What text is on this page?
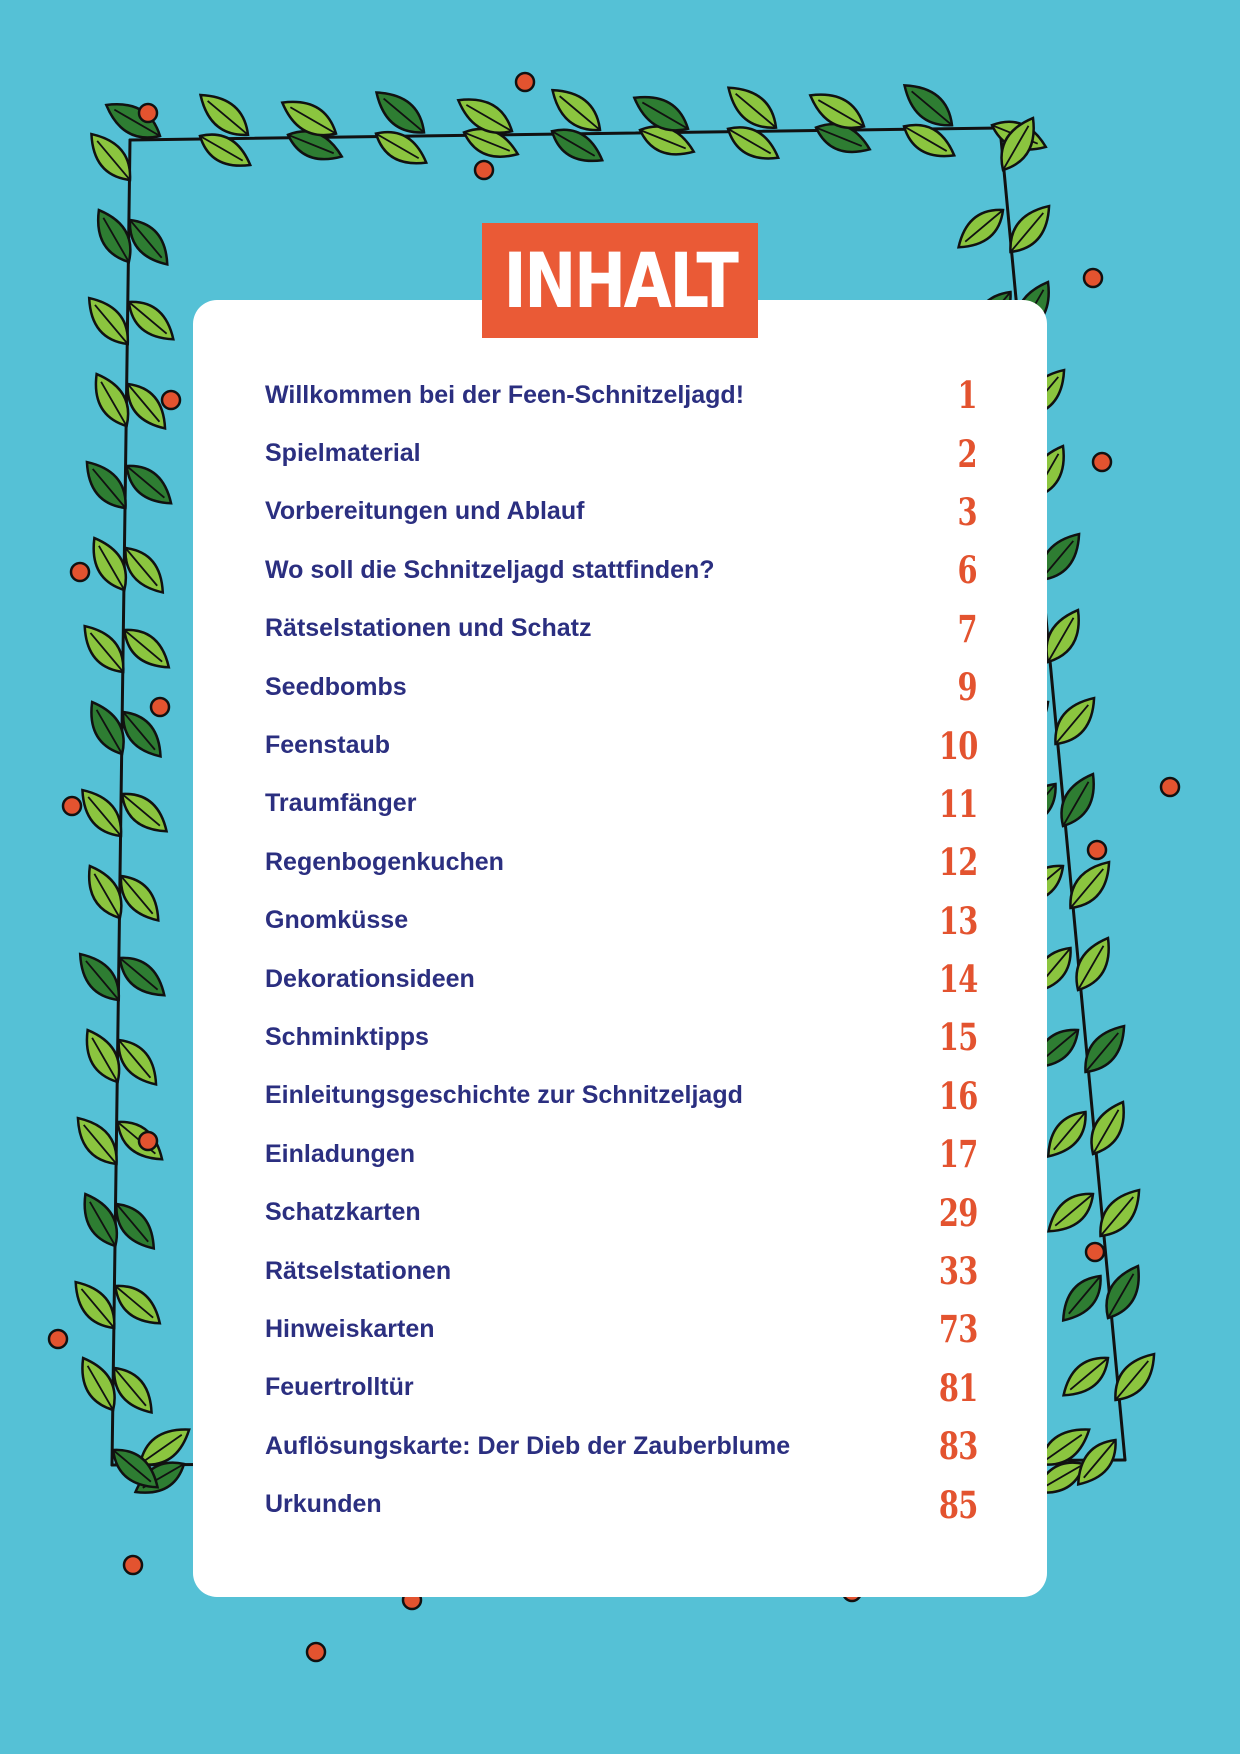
INHALT
Willkommen bei der Feen-Schnitzeljagd!	1
Spielmaterial	2
Vorbereitungen und Ablauf	3
Wo soll die Schnitzeljagd stattfinden?	6
Rätselstationen und Schatz	7
Seedbombs	9
Feenstaub	10
Traumfänger	11
Regenbogenkuchen	12
Gnomküsse	13
Dekorationsideen	14
Schminktipps	15
Einleitungsgeschichte zur Schnitzeljagd	16
Einladungen	17
Schatzkarten	29
Rätselstationen	33
Hinweiskarten	73
Feuertrolltür	81
Auflösungskarte: Der Dieb der Zauberblume	83
Urkunden	85
